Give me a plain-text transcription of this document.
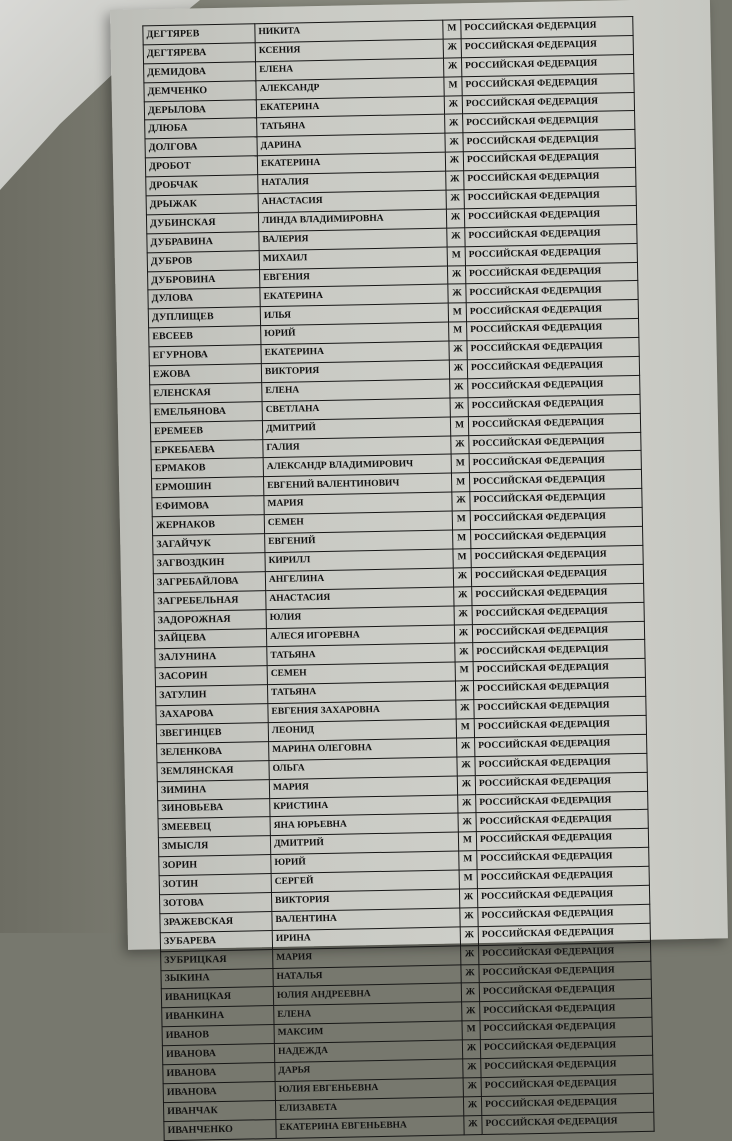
ДЕГТЯРЕВ	НИКИТА	М	РОССИЙСКАЯ ФЕДЕРАЦИЯ
ДЕГТЯРЕВА	КСЕНИЯ	Ж	РОССИЙСКАЯ ФЕДЕРАЦИЯ
ДЕМИДОВА	ЕЛЕНА	Ж	РОССИЙСКАЯ ФЕДЕРАЦИЯ
ДЕМЧЕНКО	АЛЕКСАНДР	М	РОССИЙСКАЯ ФЕДЕРАЦИЯ
ДЕРЫЛОВА	ЕКАТЕРИНА	Ж	РОССИЙСКАЯ ФЕДЕРАЦИЯ
ДЛЮБА	ТАТЬЯНА	Ж	РОССИЙСКАЯ ФЕДЕРАЦИЯ
ДОЛГОВА	ДАРИНА	Ж	РОССИЙСКАЯ ФЕДЕРАЦИЯ
ДРОБОТ	ЕКАТЕРИНА	Ж	РОССИЙСКАЯ ФЕДЕРАЦИЯ
ДРОБЧАК	НАТАЛИЯ	Ж	РОССИЙСКАЯ ФЕДЕРАЦИЯ
ДРЫЖАК	АНАСТАСИЯ	Ж	РОССИЙСКАЯ ФЕДЕРАЦИЯ
ДУБИНСКАЯ	ЛИНДА ВЛАДИМИРОВНА	Ж	РОССИЙСКАЯ ФЕДЕРАЦИЯ
ДУБРАВИНА	ВАЛЕРИЯ	Ж	РОССИЙСКАЯ ФЕДЕРАЦИЯ
ДУБРОВ	МИХАИЛ	М	РОССИЙСКАЯ ФЕДЕРАЦИЯ
ДУБРОВИНА	ЕВГЕНИЯ	Ж	РОССИЙСКАЯ ФЕДЕРАЦИЯ
ДУЛОВА	ЕКАТЕРИНА	Ж	РОССИЙСКАЯ ФЕДЕРАЦИЯ
ДУПЛИЩЕВ	ИЛЬЯ	М	РОССИЙСКАЯ ФЕДЕРАЦИЯ
ЕВСЕЕВ	ЮРИЙ	М	РОССИЙСКАЯ ФЕДЕРАЦИЯ
ЕГУРНОВА	ЕКАТЕРИНА	Ж	РОССИЙСКАЯ ФЕДЕРАЦИЯ
ЕЖОВА	ВИКТОРИЯ	Ж	РОССИЙСКАЯ ФЕДЕРАЦИЯ
ЕЛЕНСКАЯ	ЕЛЕНА	Ж	РОССИЙСКАЯ ФЕДЕРАЦИЯ
ЕМЕЛЬЯНОВА	СВЕТЛАНА	Ж	РОССИЙСКАЯ ФЕДЕРАЦИЯ
ЕРЕМЕЕВ	ДМИТРИЙ	М	РОССИЙСКАЯ ФЕДЕРАЦИЯ
ЕРКЕБАЕВА	ГАЛИЯ	Ж	РОССИЙСКАЯ ФЕДЕРАЦИЯ
ЕРМАКОВ	АЛЕКСАНДР ВЛАДИМИРОВИЧ	М	РОССИЙСКАЯ ФЕДЕРАЦИЯ
ЕРМОШИН	ЕВГЕНИЙ ВАЛЕНТИНОВИЧ	М	РОССИЙСКАЯ ФЕДЕРАЦИЯ
ЕФИМОВА	МАРИЯ	Ж	РОССИЙСКАЯ ФЕДЕРАЦИЯ
ЖЕРНАКОВ	СЕМЕН	М	РОССИЙСКАЯ ФЕДЕРАЦИЯ
ЗАГАЙЧУК	ЕВГЕНИЙ	М	РОССИЙСКАЯ ФЕДЕРАЦИЯ
ЗАГВОЗДКИН	КИРИЛЛ	М	РОССИЙСКАЯ ФЕДЕРАЦИЯ
ЗАГРЕБАЙЛОВА	АНГЕЛИНА	Ж	РОССИЙСКАЯ ФЕДЕРАЦИЯ
ЗАГРЕБЕЛЬНАЯ	АНАСТАСИЯ	Ж	РОССИЙСКАЯ ФЕДЕРАЦИЯ
ЗАДОРОЖНАЯ	ЮЛИЯ	Ж	РОССИЙСКАЯ ФЕДЕРАЦИЯ
ЗАЙЦЕВА	АЛЕСЯ ИГОРЕВНА	Ж	РОССИЙСКАЯ ФЕДЕРАЦИЯ
ЗАЛУНИНА	ТАТЬЯНА	Ж	РОССИЙСКАЯ ФЕДЕРАЦИЯ
ЗАСОРИН	СЕМЕН	М	РОССИЙСКАЯ ФЕДЕРАЦИЯ
ЗАТУЛИН	ТАТЬЯНА	Ж	РОССИЙСКАЯ ФЕДЕРАЦИЯ
ЗАХАРОВА	ЕВГЕНИЯ ЗАХАРОВНА	Ж	РОССИЙСКАЯ ФЕДЕРАЦИЯ
ЗВЕГИНЦЕВ	ЛЕОНИД	М	РОССИЙСКАЯ ФЕДЕРАЦИЯ
ЗЕЛЕНКОВА	МАРИНА ОЛЕГОВНА	Ж	РОССИЙСКАЯ ФЕДЕРАЦИЯ
ЗЕМЛЯНСКАЯ	ОЛЬГА	Ж	РОССИЙСКАЯ ФЕДЕРАЦИЯ
ЗИМИНА	МАРИЯ	Ж	РОССИЙСКАЯ ФЕДЕРАЦИЯ
ЗИНОВЬЕВА	КРИСТИНА	Ж	РОССИЙСКАЯ ФЕДЕРАЦИЯ
ЗМЕЕВЕЦ	ЯНА ЮРЬЕВНА	Ж	РОССИЙСКАЯ ФЕДЕРАЦИЯ
ЗМЫСЛЯ	ДМИТРИЙ	М	РОССИЙСКАЯ ФЕДЕРАЦИЯ
ЗОРИН	ЮРИЙ	М	РОССИЙСКАЯ ФЕДЕРАЦИЯ
ЗОТИН	СЕРГЕЙ	М	РОССИЙСКАЯ ФЕДЕРАЦИЯ
ЗОТОВА	ВИКТОРИЯ	Ж	РОССИЙСКАЯ ФЕДЕРАЦИЯ
ЗРАЖЕВСКАЯ	ВАЛЕНТИНА	Ж	РОССИЙСКАЯ ФЕДЕРАЦИЯ
ЗУБАРЕВА	ИРИНА	Ж	РОССИЙСКАЯ ФЕДЕРАЦИЯ
ЗУБРИЦКАЯ	МАРИЯ	Ж	РОССИЙСКАЯ ФЕДЕРАЦИЯ
ЗЫКИНА	НАТАЛЬЯ	Ж	РОССИЙСКАЯ ФЕДЕРАЦИЯ
ИВАНИЦКАЯ	ЮЛИЯ АНДРЕЕВНА	Ж	РОССИЙСКАЯ ФЕДЕРАЦИЯ
ИВАНКИНА	ЕЛЕНА	Ж	РОССИЙСКАЯ ФЕДЕРАЦИЯ
ИВАНОВ	МАКСИМ	М	РОССИЙСКАЯ ФЕДЕРАЦИЯ
ИВАНОВА	НАДЕЖДА	Ж	РОССИЙСКАЯ ФЕДЕРАЦИЯ
ИВАНОВА	ДАРЬЯ	Ж	РОССИЙСКАЯ ФЕДЕРАЦИЯ
ИВАНОВА	ЮЛИЯ ЕВГЕНЬЕВНА	Ж	РОССИЙСКАЯ ФЕДЕРАЦИЯ
ИВАНЧАК	ЕЛИЗАВЕТА	Ж	РОССИЙСКАЯ ФЕДЕРАЦИЯ
ИВАНЧЕНКО	ЕКАТЕРИНА ЕВГЕНЬЕВНА	Ж	РОССИЙСКАЯ ФЕДЕРАЦИЯ
